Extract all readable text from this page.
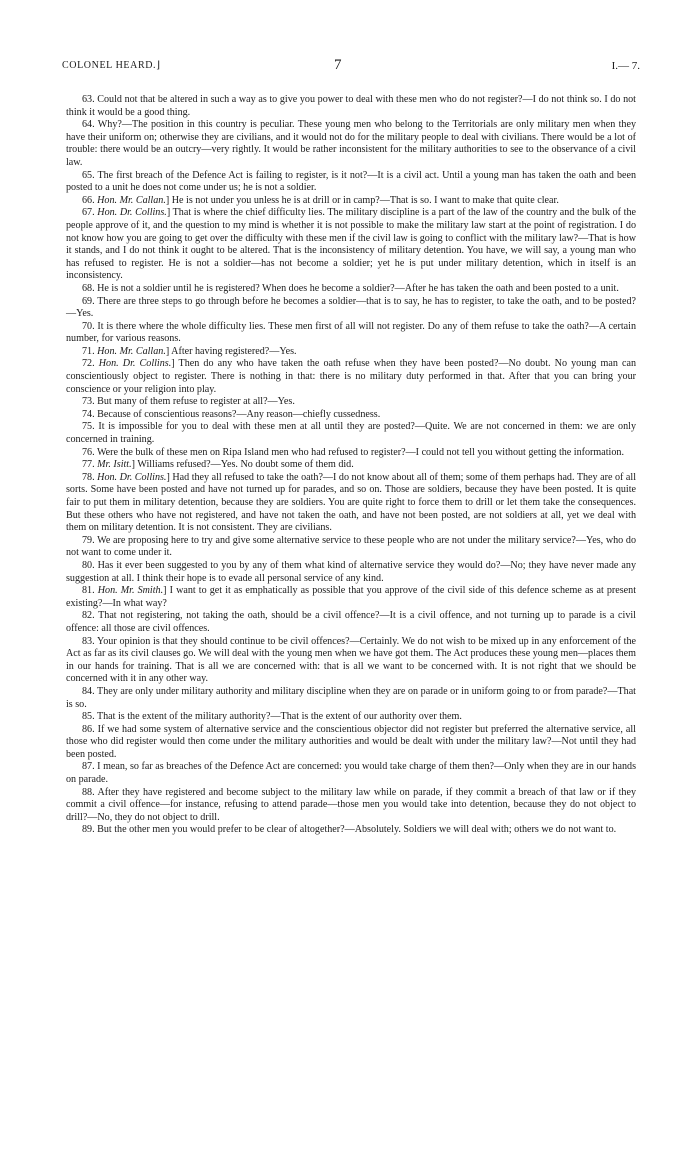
COLONEL HEARD.⌋	7	I.— 7.

63. Could not that be altered in such a way as to give you power to deal with these men who do not register?—I do not think so. I do not think it would be a good thing.

64. Why?—The position in this country is peculiar. These young men who belong to the Territorials are only military men when they have their uniform on; otherwise they are civilians, and it would not do for the military people to deal with civilians. There would be a lot of trouble: there would be an outcry—very rightly. It would be rather inconsistent for the military authorities to see to the observance of a civil law.

65. The first breach of the Defence Act is failing to register, is it not?—It is a civil act. Until a young man has taken the oath and been posted to a unit he does not come under us; he is not a soldier.

66. Hon. Mr. Callan.] He is not under you unless he is at drill or in camp?—That is so. I want to make that quite clear.

67. Hon. Dr. Collins.] That is where the chief difficulty lies. The military discipline is a part of the law of the country and the bulk of the people approve of it, and the question to my mind is whether it is not possible to make the military law start at the point of registration. I do not know how you are going to get over the difficulty with these men if the civil law is going to conflict with the military law?—That is how it stands, and I do not think it ought to be altered. That is the inconsistency of military detention. You have, we will say, a young man who has refused to register. He is not a soldier—has not become a soldier; yet he is put under military detention, which in itself is an inconsistency.

68. He is not a soldier until he is registered? When does he become a soldier?—After he has taken the oath and been posted to a unit.

69. There are three steps to go through before he becomes a soldier—that is to say, he has to register, to take the oath, and to be posted?—Yes.

70. It is there where the whole difficulty lies. These men first of all will not register. Do any of them refuse to take the oath?—A certain number, for various reasons.

71. Hon. Mr. Callan.] After having registered?—Yes.

72. Hon. Dr. Collins.] Then do any who have taken the oath refuse when they have been posted?—No doubt. No young man can conscientiously object to register. There is nothing in that: there is no military duty performed in that. After that you can bring your conscience or your religion into play.

73. But many of them refuse to register at all?—Yes.

74. Because of conscientious reasons?—Any reason—chiefly cussedness.

75. It is impossible for you to deal with these men at all until they are posted?—Quite. We are not concerned in them: we are only concerned in training.

76. Were the bulk of these men on Ripa Island men who had refused to register?—I could not tell you without getting the information.

77. Mr. Isitt.] Williams refused?—Yes. No doubt some of them did.

78. Hon. Dr. Collins.] Had they all refused to take the oath?—I do not know about all of them; some of them perhaps had. They are of all sorts. Some have been posted and have not turned up for parades, and so on. Those are soldiers, because they have been posted. It is quite fair to put them in military detention, because they are soldiers. You are quite right to force them to drill or let them take the consequences. But these others who have not registered, and have not taken the oath, and have not been posted, are not soldiers at all, yet we deal with them on military detention. It is not consistent. They are civilians.

79. We are proposing here to try and give some alternative service to these people who are not under the military service?—Yes, who do not want to come under it.

80. Has it ever been suggested to you by any of them what kind of alternative service they would do?—No; they have never made any suggestion at all. I think their hope is to evade all personal service of any kind.

81. Hon. Mr. Smith.] I want to get it as emphatically as possible that you approve of the civil side of this defence scheme as at present existing?—In what way?

82. That not registering, not taking the oath, should be a civil offence?—It is a civil offence, and not turning up to parade is a civil offence: all those are civil offences.

83. Your opinion is that they should continue to be civil offences?—Certainly. We do not wish to be mixed up in any enforcement of the Act as far as its civil clauses go. We will deal with the young men when we have got them. The Act produces these young men—places them in our hands for training. That is all we are concerned with: that is all we want to be concerned with. It is not right that we should be concerned with it in any other way.

84. They are only under military authority and military discipline when they are on parade or in uniform going to or from parade?—That is so.

85. That is the extent of the military authority?—That is the extent of our authority over them.

86. If we had some system of alternative service and the conscientious objector did not register but preferred the alternative service, all those who did register would then come under the military authorities and would be dealt with under the military law?—Not until they had been posted.

87. I mean, so far as breaches of the Defence Act are concerned: you would take charge of them then?—Only when they are in our hands on parade.

88. After they have registered and become subject to the military law while on parade, if they commit a breach of that law or if they commit a civil offence—for instance, refusing to attend parade—those men you would take into detention, because they do not object to drill?—No, they do not object to drill.

89. But the other men you would prefer to be clear of altogether?—Absolutely. Soldiers we will deal with; others we do not want to.
